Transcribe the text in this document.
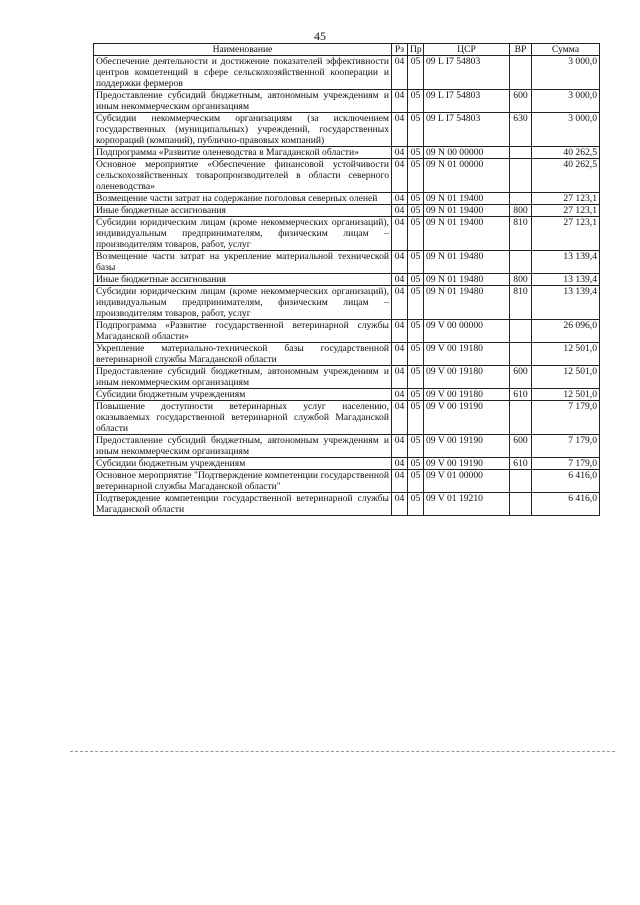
45
Наименование	Рз	Пр	ЦСР	ВР	Сумма
Обеспечение деятельности и достижение показателей эффективности центров компетенций в сфере сельскохозяйственной кооперации и поддержки фермеров	04	05	09 L I7 54803		3 000,0
Предоставление субсидий бюджетным, автономным учреждениям и иным некоммерческим организациям	04	05	09 L I7 54803	600	3 000,0
Субсидии некоммерческим организациям (за исключением государственных (муниципальных) учреждений, государственных корпораций (компаний), публично-правовых компаний)	04	05	09 L I7 54803	630	3 000,0
Подпрограмма «Развитие оленеводства в Магаданской области»	04	05	09 N 00 00000		40 262,5
Основное мероприятие «Обеспечение финансовой устойчивости сельскохозяйственных товаропроизводителей в области северного оленеводства»	04	05	09 N 01 00000		40 262,5
Возмещение части затрат на содержание поголовья северных оленей	04	05	09 N 01 19400		27 123,1
Иные бюджетные ассигнования	04	05	09 N 01 19400	800	27 123,1
Субсидии юридическим лицам (кроме некоммерческих организаций), индивидуальным предпринимателям, физическим лицам – производителям товаров, работ, услуг	04	05	09 N 01 19400	810	27 123,1
Возмещение части затрат на укрепление материальной технической базы	04	05	09 N 01 19480		13 139,4
Иные бюджетные ассигнования	04	05	09 N 01 19480	800	13 139,4
Субсидии юридическим лицам (кроме некоммерческих организаций), индивидуальным предпринимателям, физическим лицам – производителям товаров, работ, услуг	04	05	09 N 01 19480	810	13 139,4
Подпрограмма «Развитие государственной ветеринарной службы Магаданской области»	04	05	09 V 00 00000		26 096,0
Укрепление материально-технической базы государственной ветеринарной службы Магаданской области	04	05	09 V 00 19180		12 501,0
Предоставление субсидий бюджетным, автономным учреждениям и иным некоммерческим организациям	04	05	09 V 00 19180	600	12 501,0
Субсидии бюджетным учреждениям	04	05	09 V 00 19180	610	12 501,0
Повышение доступности ветеринарных услуг населению, оказываемых государственной ветеринарной службой Магаданской области	04	05	09 V 00 19190		7 179,0
Предоставление субсидий бюджетным, автономным учреждениям и иным некоммерческим организациям	04	05	09 V 00 19190	600	7 179,0
Субсидии бюджетным учреждениям	04	05	09 V 00 19190	610	7 179,0
Основное мероприятие "Подтверждение компетенции государственной ветеринарной службы Магаданской области"	04	05	09 V 01 00000		6 416,0
Подтверждение компетенции государственной ветеринарной службы Магаданской области	04	05	09 V 01 19210		6 416,0
